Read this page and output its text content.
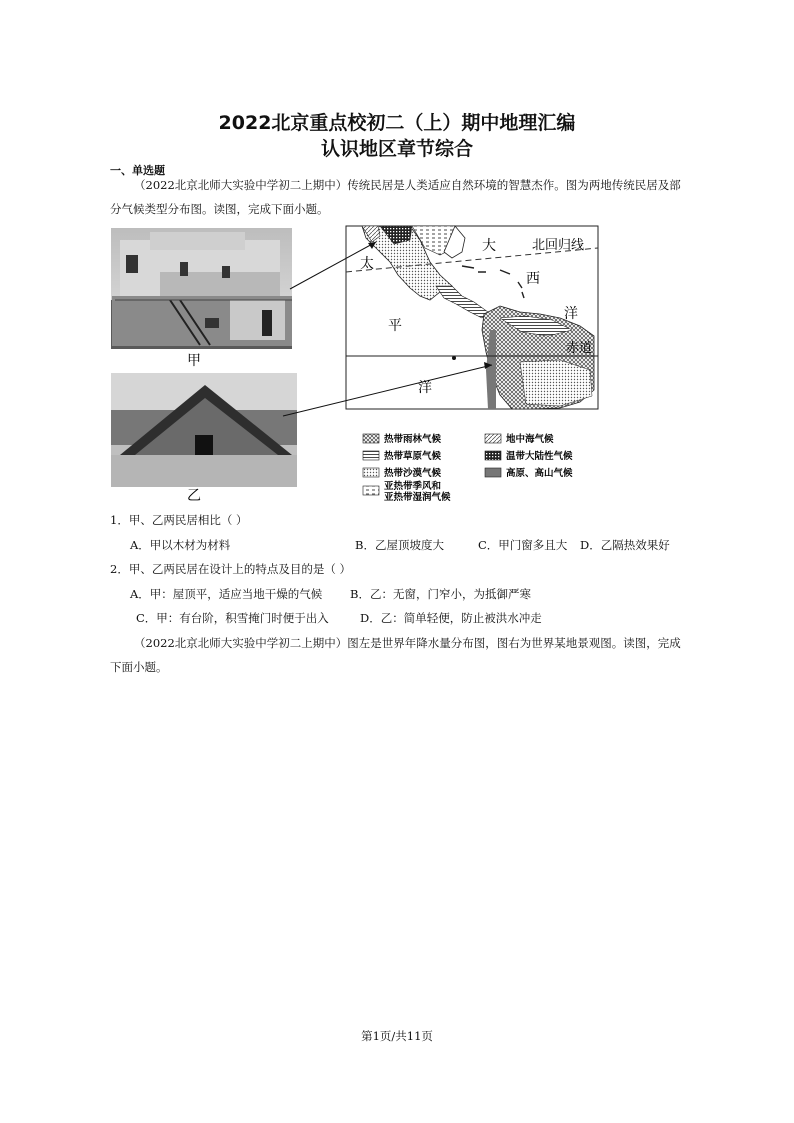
2022北京重点校初二（上）期中地理汇编
认识地区章节综合
一、单选题
（2022北京北师大实验中学初二上期中）传统民居是人类适应自然环境的智慧杰作。图为两地传统民居及部分气候类型分布图。读图，完成下面小题。
甲
乙
太
平
洋
大
西
洋
北回归线
赤道
热带雨林气候
热带草原气候
热带沙漠气候
亚热带季风和
亚热带湿润气候
地中海气候
温带大陆性气候
高原、高山气候
1．甲、乙两民居相比（ ）
A．甲以木材为材料	B．乙屋顶坡度大	C．甲门窗多且大 D．乙隔热效果好
2．甲、乙两民居在设计上的特点及目的是（ ）
A．甲：屋顶平，适应当地干燥的气候 B．乙：无窗，门窄小，为抵御严寒
C．甲：有台阶，积雪掩门时便于出入	D．乙：简单轻便，防止被洪水冲走
（2022北京北师大实验中学初二上期中）图左是世界年降水量分布图，图右为世界某地景观图。读图，完成下面小题。
第1页/共11页
